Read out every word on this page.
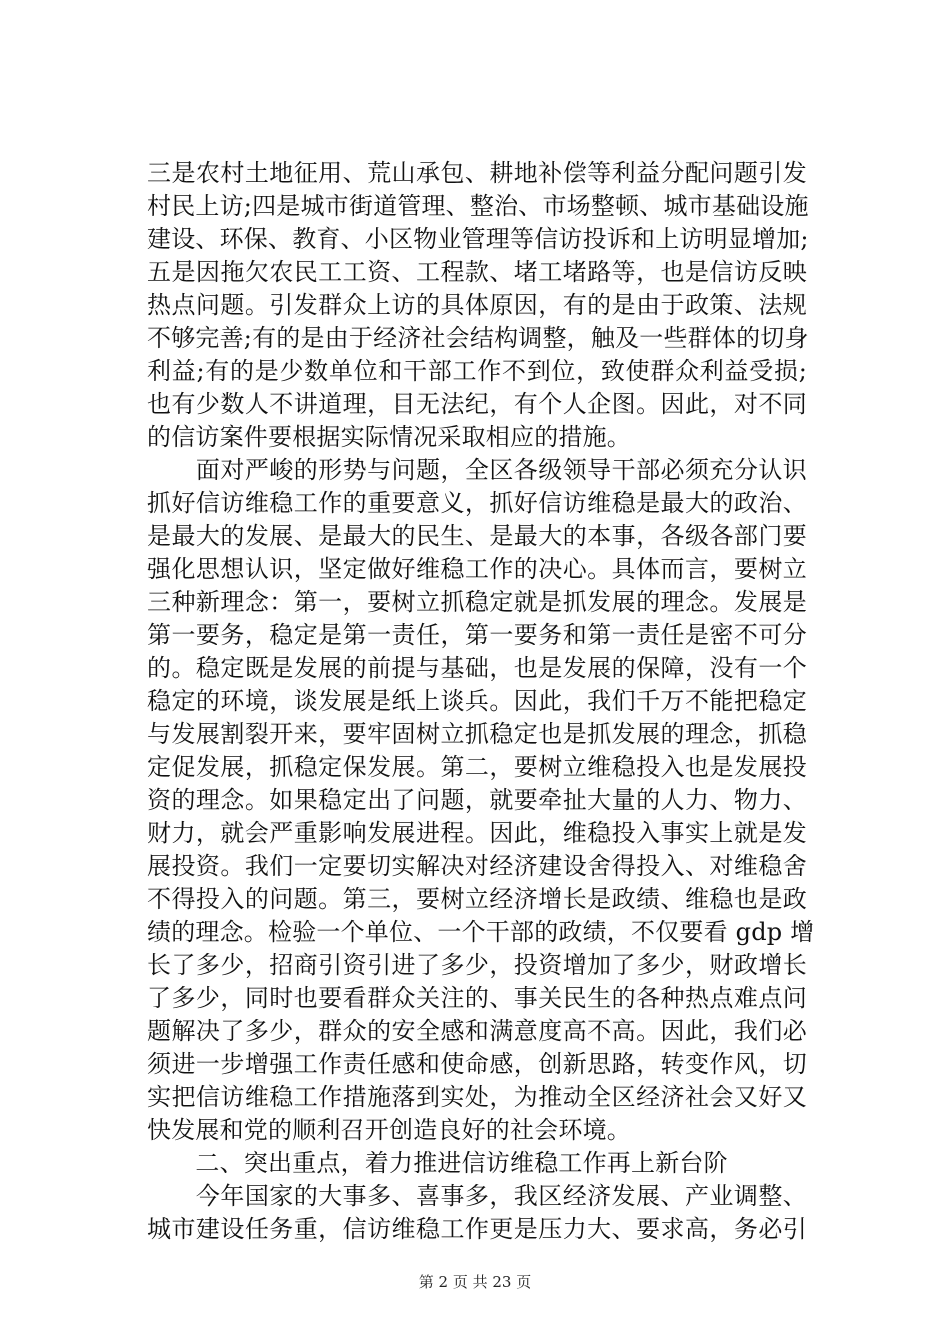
三是农村土地征用、荒山承包、耕地补偿等利益分配问题引发
村民上访;四是城市街道管理、整治、市场整顿、城市基础设施
建设、环保、教育、小区物业管理等信访投诉和上访明显增加;
五是因拖欠农民工工资、工程款、堵工堵路等，也是信访反映
热点问题。引发群众上访的具体原因，有的是由于政策、法规
不够完善;有的是由于经济社会结构调整，触及一些群体的切身
利益;有的是少数单位和干部工作不到位，致使群众利益受损;
也有少数人不讲道理，目无法纪，有个人企图。因此，对不同
的信访案件要根据实际情况采取相应的措施。
　　面对严峻的形势与问题，全区各级领导干部必须充分认识
抓好信访维稳工作的重要意义，抓好信访维稳是最大的政治、
是最大的发展、是最大的民生、是最大的本事，各级各部门要
强化思想认识，坚定做好维稳工作的决心。具体而言，要树立
三种新理念：第一，要树立抓稳定就是抓发展的理念。发展是
第一要务，稳定是第一责任，第一要务和第一责任是密不可分
的。稳定既是发展的前提与基础，也是发展的保障，没有一个
稳定的环境，谈发展是纸上谈兵。因此，我们千万不能把稳定
与发展割裂开来，要牢固树立抓稳定也是抓发展的理念，抓稳
定促发展，抓稳定保发展。第二，要树立维稳投入也是发展投
资的理念。如果稳定出了问题，就要牵扯大量的人力、物力、
财力，就会严重影响发展进程。因此，维稳投入事实上就是发
展投资。我们一定要切实解决对经济建设舍得投入、对维稳舍
不得投入的问题。第三，要树立经济增长是政绩、维稳也是政
绩的理念。检验一个单位、一个干部的政绩，不仅要看 gdp 增
长了多少，招商引资引进了多少，投资增加了多少，财政增长
了多少，同时也要看群众关注的、事关民生的各种热点难点问
题解决了多少，群众的安全感和满意度高不高。因此，我们必
须进一步增强工作责任感和使命感，创新思路，转变作风，切
实把信访维稳工作措施落到实处，为推动全区经济社会又好又
快发展和党的顺利召开创造良好的社会环境。
　　二、突出重点，着力推进信访维稳工作再上新台阶
　　今年国家的大事多、喜事多，我区经济发展、产业调整、
城市建设任务重，信访维稳工作更是压力大、要求高，务必引
第 2 页 共 23 页
